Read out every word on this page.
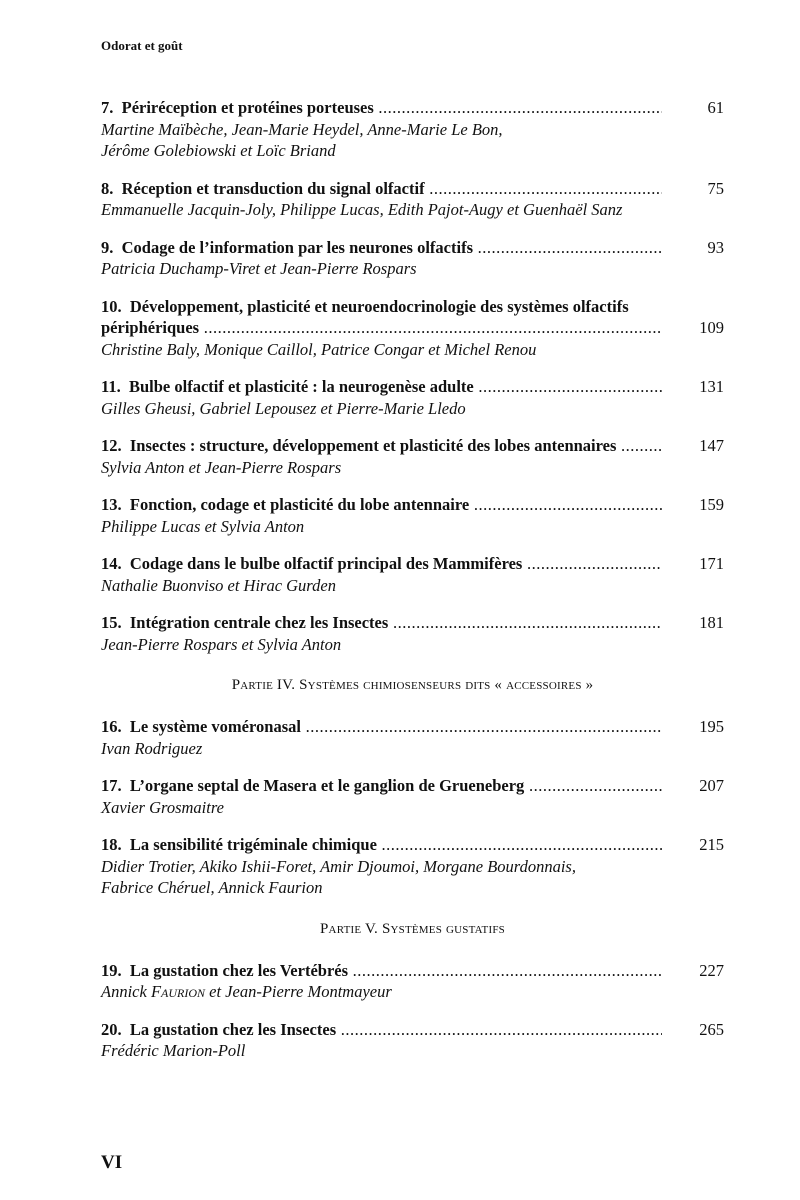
Odorat et goût
7. Périréception et protéines porteuses .....	61
Martine Maïbèche, Jean-Marie Heydel, Anne-Marie Le Bon,
Jérôme Golebiowski et Loïc Briand
8. Réception et transduction du signal olfactif .....	75
Emmanuelle Jacquin-Joly, Philippe Lucas, Edith Pajot-Augy et Guenhaël Sanz
9. Codage de l’information par les neurones olfactifs .....	93
Patricia Duchamp-Viret et Jean-Pierre Rospars
10. Développement, plasticité et neuroendocrinologie des systèmes olfactifs
périphériques .....	109
Christine Baly, Monique Caillol, Patrice Congar et Michel Renou
11. Bulbe olfactif et plasticité : la neurogenèse adulte .....	131
Gilles Gheusi, Gabriel Lepousez et Pierre-Marie Lledo
12. Insectes : structure, développement et plasticité des lobes antennaires .....	147
Sylvia Anton et Jean-Pierre Rospars
13. Fonction, codage et plasticité du lobe antennaire .....	159
Philippe Lucas et Sylvia Anton
14. Codage dans le bulbe olfactif principal des Mammifères .....	171
Nathalie Buonviso et Hirac Gurden
15. Intégration centrale chez les Insectes .....	181
Jean-Pierre Rospars et Sylvia Anton
Partie IV. Systèmes chimiosenseurs dits « accessoires »
16. Le système voméronasal .....	195
Ivan Rodriguez
17. L’organe septal de Masera et le ganglion de Grueneberg .....	207
Xavier Grosmaitre
18. La sensibilité trigéminale chimique .....	215
Didier Trotier, Akiko Ishii-Foret, Amir Djoumoi, Morgane Bourdonnais,
Fabrice Chéruel, Annick Faurion
Partie V. Systèmes gustatifs
19. La gustation chez les Vertébrés .....	227
Annick Faurion et Jean-Pierre Montmayeur
20. La gustation chez les Insectes .....	265
Frédéric Marion-Poll
VI
